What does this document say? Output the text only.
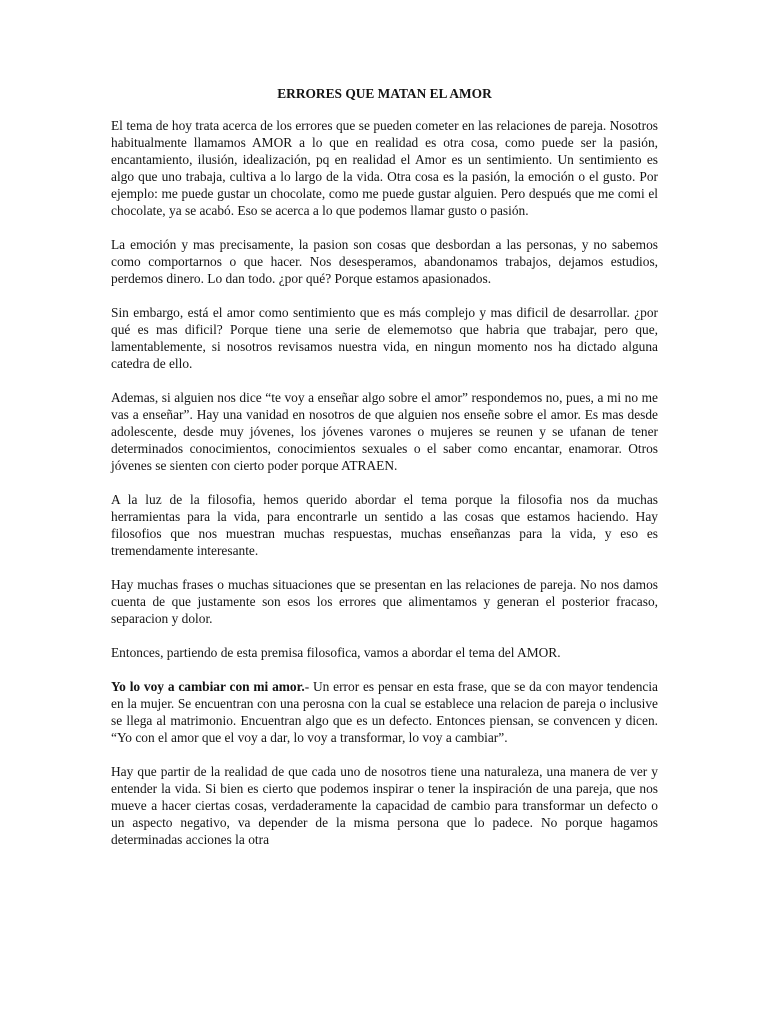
ERRORES QUE MATAN EL AMOR

El tema de hoy trata acerca de los errores que se pueden cometer en las relaciones de pareja. Nosotros habitualmente llamamos AMOR a lo que en realidad es otra cosa, como puede ser la pasión, encantamiento, ilusión, idealización, pq en realidad el Amor es un sentimiento. Un sentimiento es algo que uno trabaja, cultiva a lo largo de la vida. Otra cosa es la pasión, la emoción o el gusto. Por ejemplo: me puede gustar un chocolate, como me puede gustar alguien. Pero después que me comi el chocolate, ya se acabó. Eso se acerca a lo que podemos llamar gusto o pasión.

La emoción y mas precisamente, la pasion son cosas que desbordan a las personas, y no sabemos como comportarnos o que hacer. Nos desesperamos, abandonamos trabajos, dejamos estudios, perdemos dinero. Lo dan todo. ¿por qué? Porque estamos apasionados.

Sin embargo, está el amor como sentimiento que es más complejo y mas dificil de desarrollar. ¿por qué es mas dificil? Porque tiene una serie de elememotso que habria que trabajar, pero que, lamentablemente, si nosotros revisamos nuestra vida, en ningun momento nos ha dictado alguna catedra de ello.

Ademas, si alguien nos dice “te voy a enseñar algo sobre el amor” respondemos no, pues, a mi no me vas a enseñar”. Hay una vanidad en nosotros de que alguien nos enseñe sobre el amor. Es mas desde adolescente, desde muy jóvenes, los jóvenes varones o mujeres se reunen y se ufanan de tener determinados conocimientos, conocimientos sexuales o el saber como encantar, enamorar. Otros jóvenes se sienten con cierto poder porque ATRAEN.

A la luz de la filosofia, hemos querido abordar el tema porque la filosofia nos da muchas herramientas para la vida, para encontrarle un sentido a las cosas que estamos haciendo. Hay filosofios que nos muestran muchas respuestas, muchas enseñanzas para la vida, y eso es tremendamente interesante.

Hay muchas frases o muchas situaciones que se presentan en las relaciones de pareja. No nos damos cuenta de que justamente son esos los errores que alimentamos y generan el posterior fracaso, separacion y dolor.

Entonces, partiendo de esta premisa filosofica, vamos a abordar el tema del AMOR.

Yo lo voy a cambiar con mi amor.- Un error es pensar en esta frase, que se da con mayor tendencia en la mujer. Se encuentran con una perosna con la cual se establece una relacion de pareja o inclusive se llega al matrimonio. Encuentran algo que es un defecto. Entonces piensan, se convencen y dicen. “Yo con el amor que el voy a dar, lo voy a transformar, lo voy a cambiar”.

Hay que partir de la realidad de que cada uno de nosotros tiene una naturaleza, una manera de ver y entender la vida. Si bien es cierto que podemos inspirar o tener la inspiración de una pareja, que nos mueve a hacer ciertas cosas, verdaderamente la capacidad de cambio para transformar un defecto o un aspecto negativo, va depender de la misma persona que lo padece. No porque hagamos determinadas acciones la otra
